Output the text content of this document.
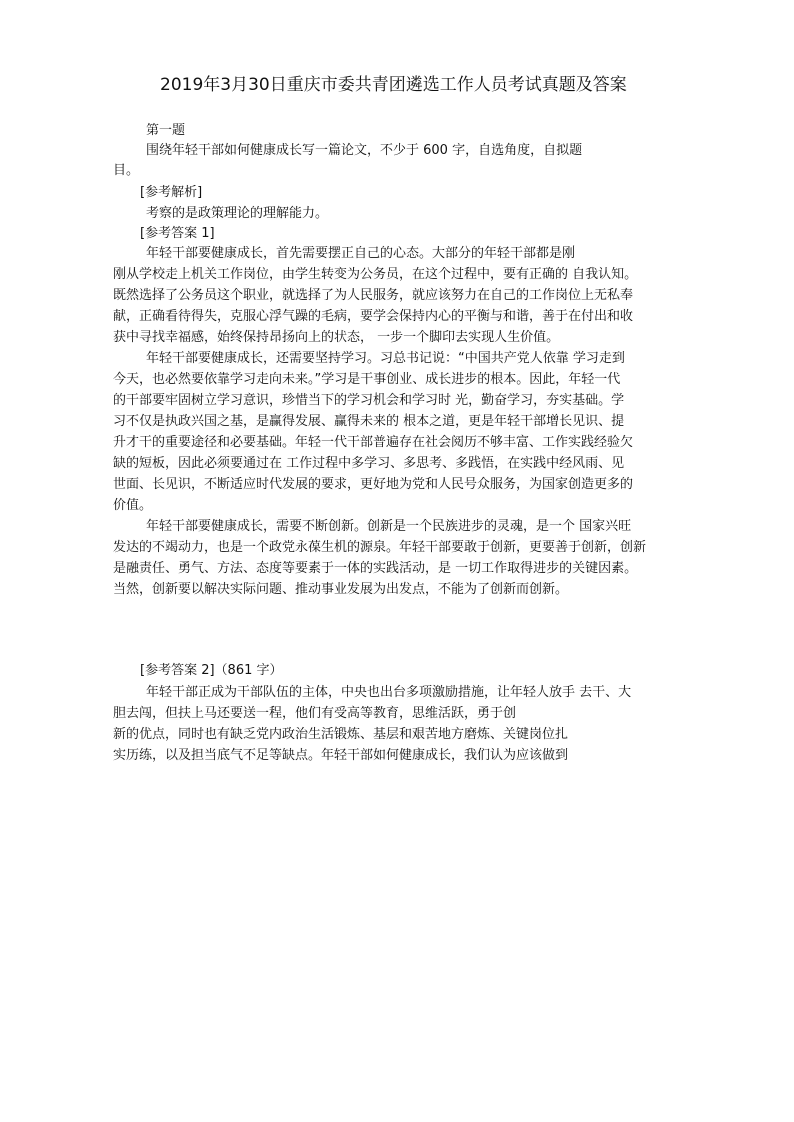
2019年3月30日重庆市委共青团遴选工作人员考试真题及答案
第一题
围绕年轻干部如何健康成长写一篇论文，不少于 600 字，自选角度，自拟题
目。
[参考解析]
考察的是政策理论的理解能力。
[参考答案 1]
年轻干部要健康成长，首先需要摆正自己的心态。大部分的年轻干部都是刚
刚从学校走上机关工作岗位，由学生转变为公务员，在这个过程中，要有正确的 自我认知。
既然选择了公务员这个职业，就选择了为人民服务，就应该努力在自己的工作岗位上无私奉
献，正确看待得失，克服心浮气躁的毛病，要学会保持内心的平衡与和谐，善于在付出和收
获中寻找幸福感，始终保持昂扬向上的状态， 一步一个脚印去实现人生价值。
年轻干部要健康成长，还需要坚持学习。习总书记说：“中国共产党人依靠 学习走到
今天，也必然要依靠学习走向未来。”学习是干事创业、成长进步的根本。因此，年轻一代
的干部要牢固树立学习意识，珍惜当下的学习机会和学习时 光，勤奋学习，夯实基础。学
习不仅是执政兴国之基，是赢得发展、赢得未来的 根本之道，更是年轻干部增长见识、提
升才干的重要途径和必要基础。年轻一代干部普遍存在社会阅历不够丰富、工作实践经验欠
缺的短板，因此必须要通过在 工作过程中多学习、多思考、多践悟，在实践中经风雨、见
世面、长见识，不断适应时代发展的要求，更好地为党和人民号众服务，为国家创造更多的
价值。
年轻干部要健康成长，需要不断创新。创新是一个民族进步的灵魂，是一个 国家兴旺
发达的不竭动力，也是一个政党永葆生机的源泉。年轻干部要敢于创新，更要善于创新，创新
是融责任、勇气、方法、态度等要素于一体的实践活动，是 一切工作取得进步的关键因素。
当然，创新要以解决实际问题、推动事业发展为出发点，不能为了创新而创新。
[参考答案 2]（861 字）
年轻干部正成为干部队伍的主体，中央也出台多项激励措施，让年轻人放手 去干、大
胆去闯，但扶上马还要送一程，他们有受高等教育，思维活跃，勇于创
新的优点，同时也有缺乏党内政治生活锻炼、基层和艰苦地方磨炼、关键岗位扎
实历练，以及担当底气不足等缺点。年轻干部如何健康成长，我们认为应该做到
